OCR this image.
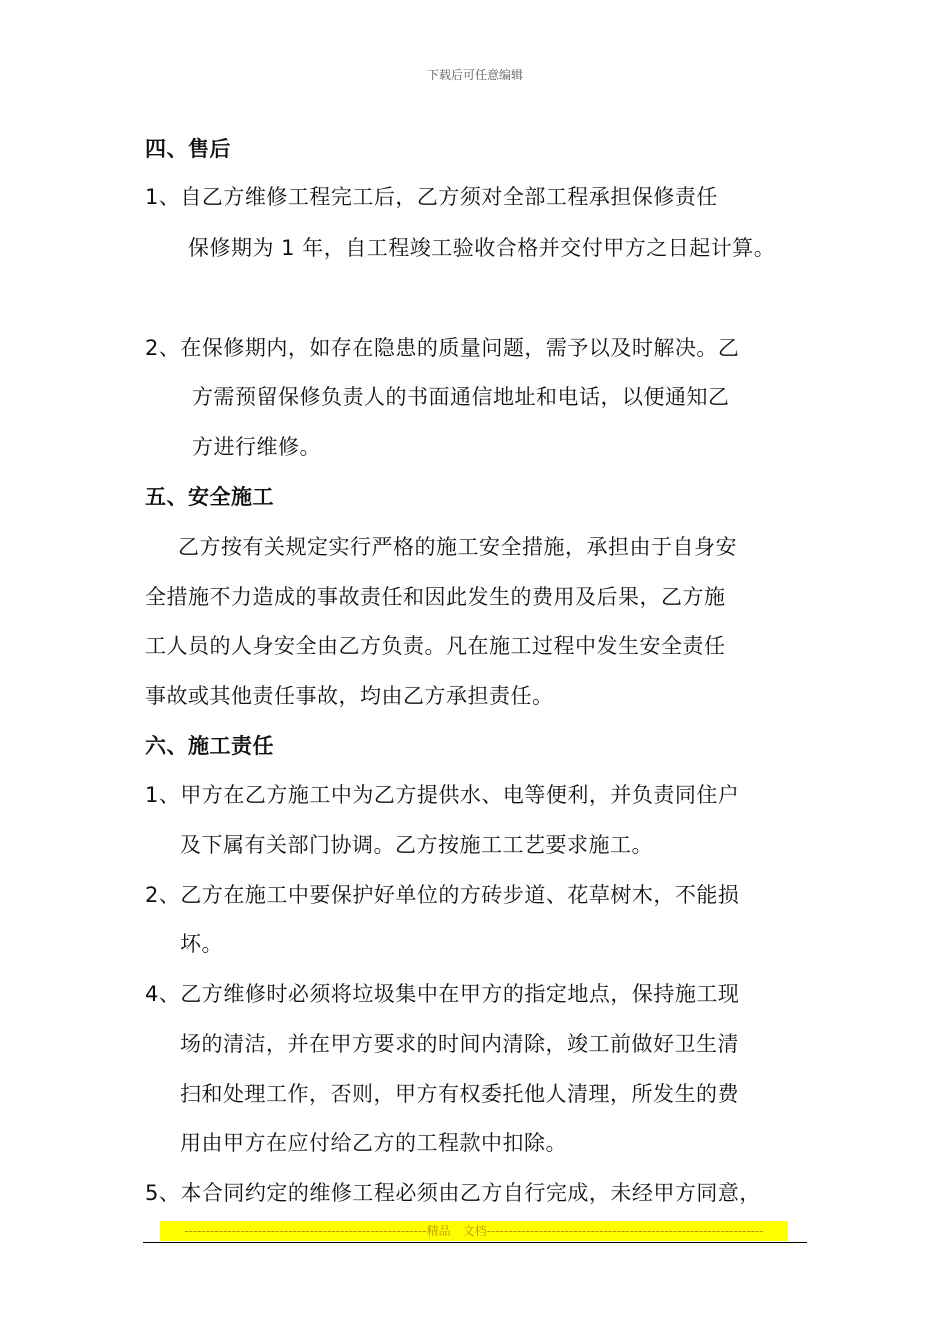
下载后可任意编辑
四、售后
1、自乙方维修工程完工后，乙方须对全部工程承担保修责任
保修期为 1 年，自工程竣工验收合格并交付甲方之日起计算。
2、在保修期内，如存在隐患的质量问题，需予以及时解决。乙
方需预留保修负责人的书面通信地址和电话，以便通知乙
方进行维修。
五、安全施工
乙方按有关规定实行严格的施工安全措施，承担由于自身安
全措施不力造成的事故责任和因此发生的费用及后果，乙方施
工人员的人身安全由乙方负责。凡在施工过程中发生安全责任
事故或其他责任事故，均由乙方承担责任。
六、施工责任
1、甲方在乙方施工中为乙方提供水、电等便利，并负责同住户
及下属有关部门协调。乙方按施工工艺要求施工。
2、乙方在施工中要保护好单位的方砖步道、花草树木，不能损
坏。
4、乙方维修时必须将垃圾集中在甲方的指定地点，保持施工现
场的清洁，并在甲方要求的时间内清除，竣工前做好卫生清
扫和处理工作，否则，甲方有权委托他人清理，所发生的费
用由甲方在应付给乙方的工程款中扣除。
5、本合同约定的维修工程必须由乙方自行完成，未经甲方同意，
--------------------------------------------------------精品　文档----------------------------------------------------------------
